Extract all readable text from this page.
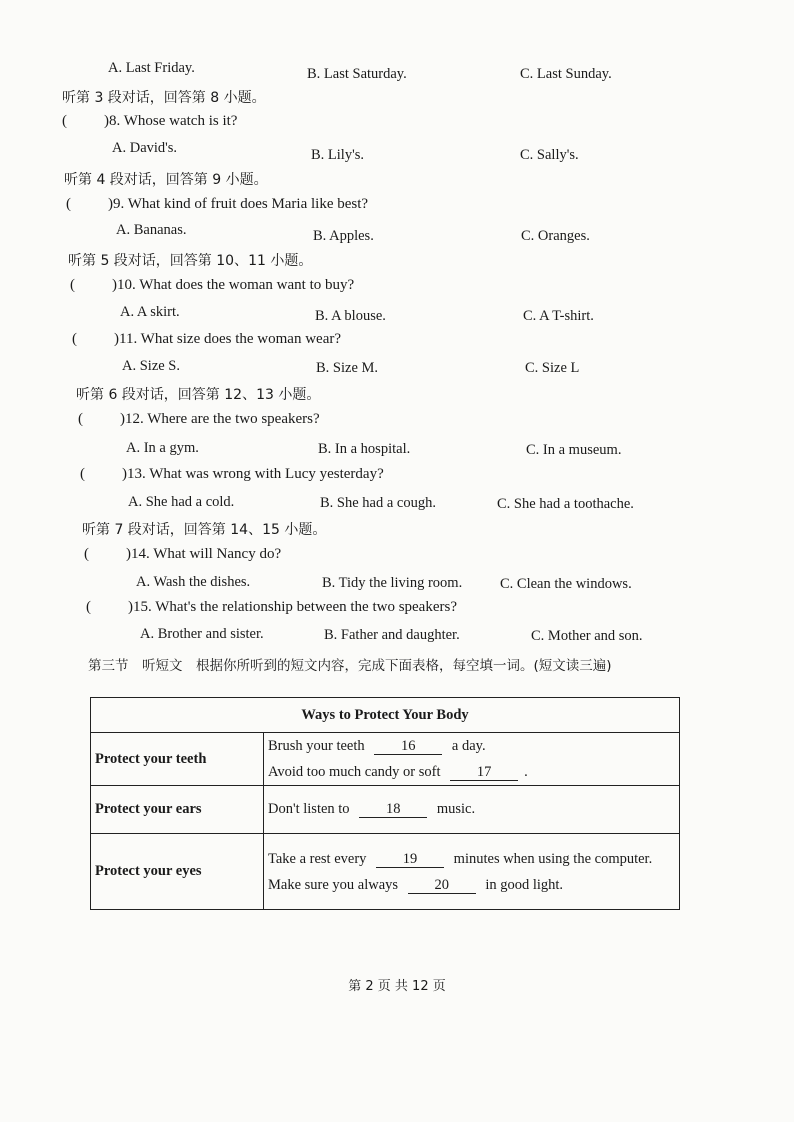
A. Last Friday.	B. Last Saturday.	C. Last Sunday.
听第 3 段对话，回答第 8 小题。
( )8. Whose watch is it?
A. David's.	B. Lily's.	C. Sally's.
听第 4 段对话，回答第 9 小题。
( )9. What kind of fruit does Maria like best?
A. Bananas.	B. Apples.	C. Oranges.
听第 5 段对话，回答第 10、11 小题。
( )10. What does the woman want to buy?
A. A skirt.	B. A blouse.	C. A T-shirt.
( )11. What size does the woman wear?
A. Size S.	B. Size M.	C. Size L
听第 6 段对话，回答第 12、13 小题。
( )12. Where are the two speakers?
A. In a gym.	B. In a hospital.	C. In a museum.
( )13. What was wrong with Lucy yesterday?
A. She had a cold.	B. She had a cough.	C. She had a toothache.
听第 7 段对话，回答第 14、15 小题。
( )14. What will Nancy do?
A. Wash the dishes.	B. Tidy the living room.	C. Clean the windows.
( )15. What's the relationship between the two speakers?
A. Brother and sister.	B. Father and daughter.	C. Mother and son.
第三节　听短文　根据你所听到的短文内容，完成下面表格，每空填一词。(短文读三遍)
Ways to Protect Your Body	
Protect your teeth	Brush your teeth 16 a day.
Avoid too much candy or soft 17 .

Protect your ears	Don't listen to 18 music.
Protect your eyes	Take a rest every 19 minutes when using the computer.
Make sure you always 20 in good light.
第 2 页 共 12 页
